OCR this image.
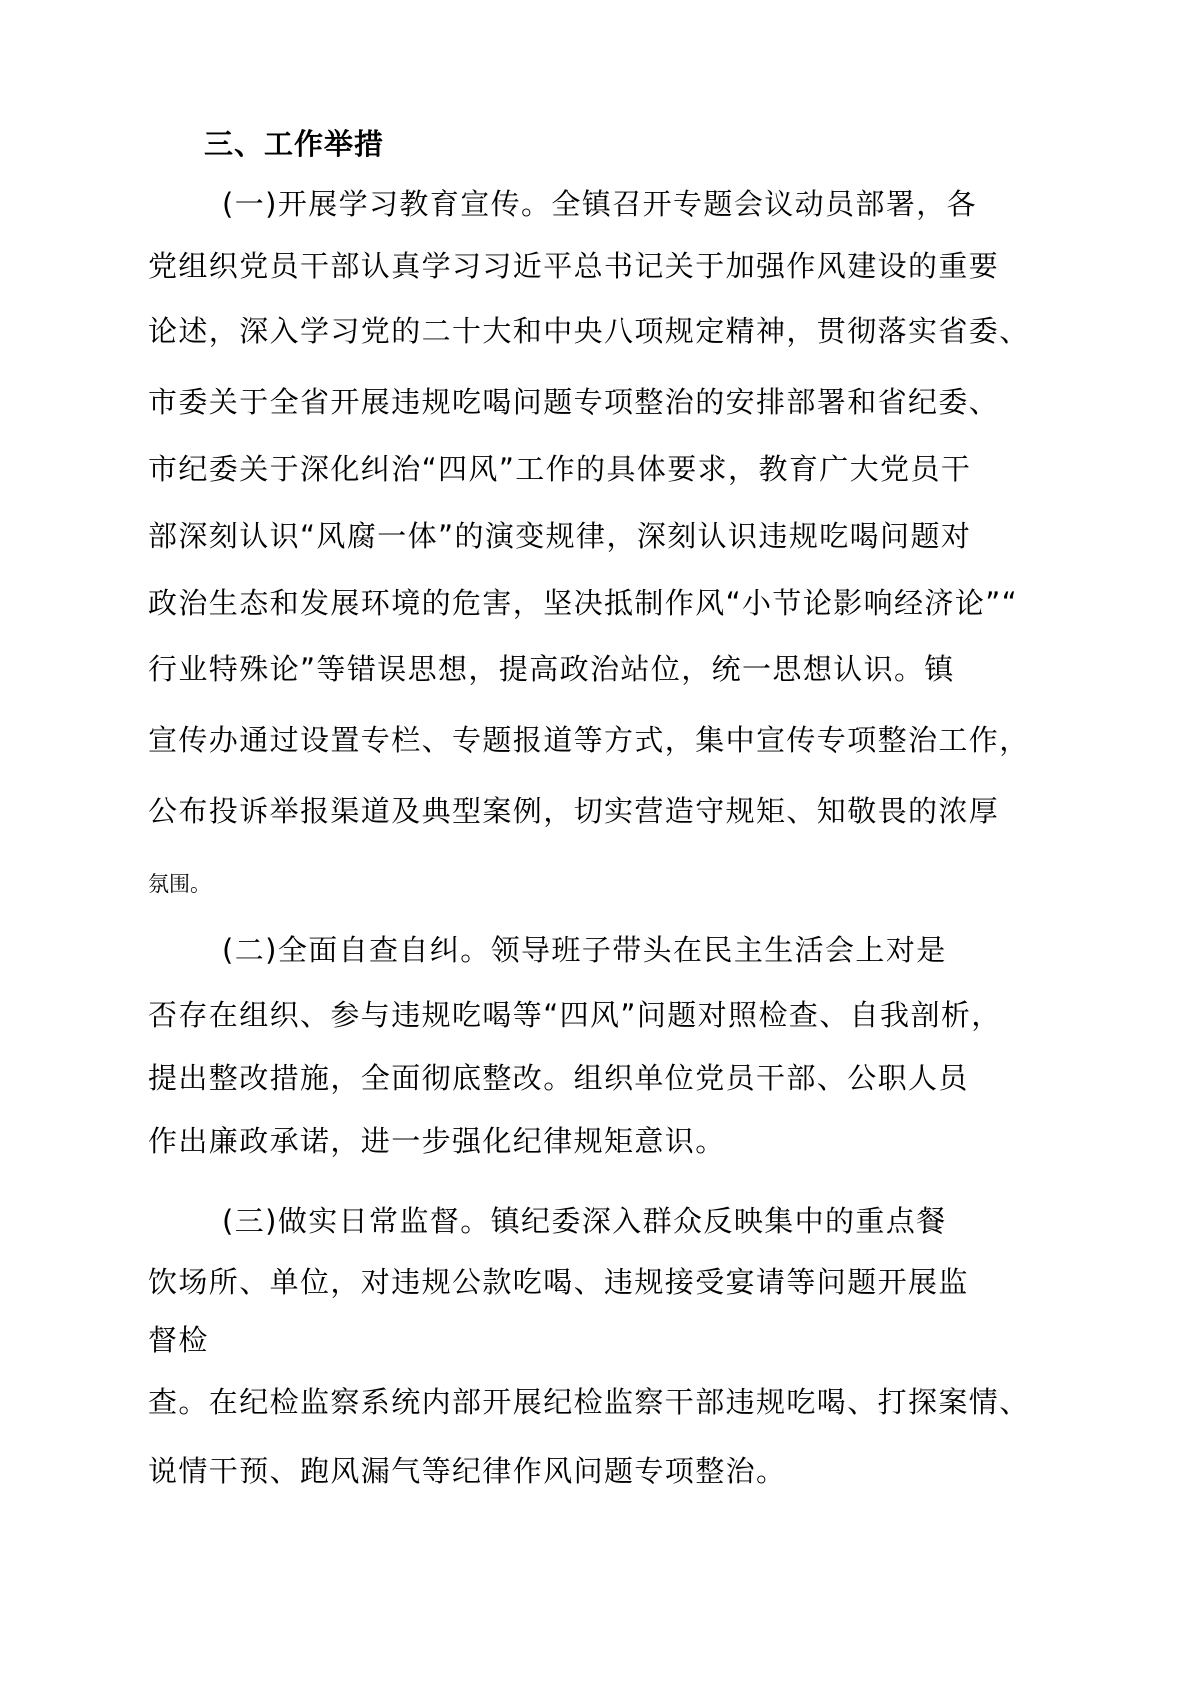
三、工作举措
(一)开展学习教育宣传。全镇召开专题会议动员部署，各
党组织党员干部认真学习习近平总书记关于加强作风建设的重要
论述，深入学习党的二十大和中央八项规定精神，贯彻落实省委、
市委关于全省开展违规吃喝问题专项整治的安排部署和省纪委、
市纪委关于深化纠治“四风”工作的具体要求，教育广大党员干
部深刻认识“风腐一体”的演变规律，深刻认识违规吃喝问题对
政治生态和发展环境的危害，坚决抵制作风“小节论影响经济论”“
行业特殊论”等错误思想，提高政治站位，统一思想认识。镇
宣传办通过设置专栏、专题报道等方式，集中宣传专项整治工作，
公布投诉举报渠道及典型案例，切实营造守规矩、知敬畏的浓厚
氛围。
(二)全面自查自纠。领导班子带头在民主生活会上对是
否存在组织、参与违规吃喝等“四风”问题对照检查、自我剖析，
提出整改措施，全面彻底整改。组织单位党员干部、公职人员
作出廉政承诺，进一步强化纪律规矩意识。
(三)做实日常监督。镇纪委深入群众反映集中的重点餐
饮场所、单位，对违规公款吃喝、违规接受宴请等问题开展监
督检
查。在纪检监察系统内部开展纪检监察干部违规吃喝、打探案情、
说情干预、跑风漏气等纪律作风问题专项整治。
